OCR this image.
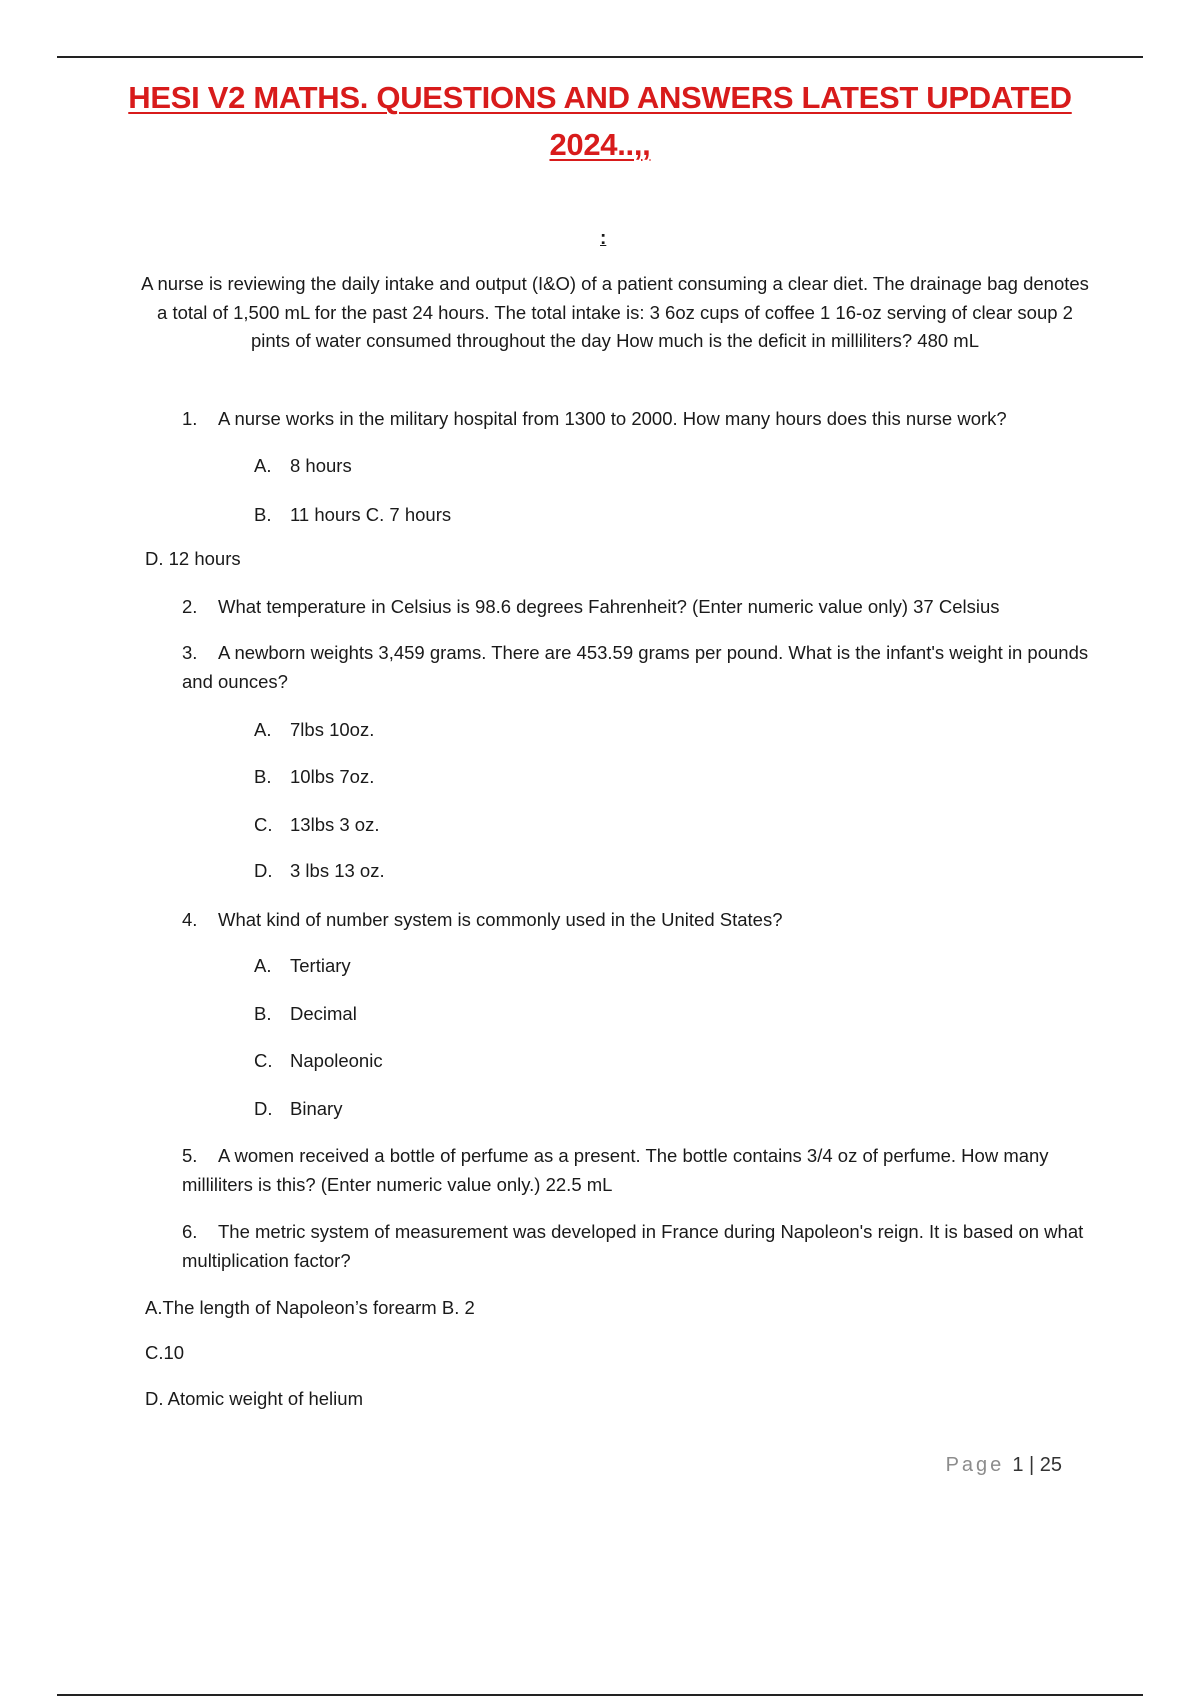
HESI V2 MATHS. QUESTIONS AND ANSWERS LATEST UPDATED
2024..,,
:
A nurse is reviewing the daily intake and output (I&O) of a patient consuming a clear diet. The drainage bag denotes a total of 1,500 mL for the past 24 hours. The total intake is: 3 6oz cups of coffee 1 16-oz serving of clear soup 2 pints of water consumed throughout the day How much is the deficit in milliliters? 480 mL
1. A nurse works in the military hospital from 1300 to 2000. How many hours does this nurse work?
A. 8 hours
B. 11 hours C. 7 hours
D. 12 hours
2. What temperature in Celsius is 98.6 degrees Fahrenheit? (Enter numeric value only) 37 Celsius
3. A newborn weights 3,459 grams. There are 453.59 grams per pound. What is the infant's weight in pounds and ounces?
A. 7lbs 10oz.
B. 10lbs 7oz.
C. 13lbs 3 oz.
D. 3 lbs 13 oz.
4. What kind of number system is commonly used in the United States?
A. Tertiary
B. Decimal
C. Napoleonic
D. Binary
5. A women received a bottle of perfume as a present. The bottle contains 3/4 oz of perfume. How many milliliters is this? (Enter numeric value only.) 22.5 mL
6. The metric system of measurement was developed in France during Napoleon's reign. It is based on what multiplication factor?
A.The length of Napoleon’s forearm B. 2
C.10
D. Atomic weight of helium
Page 1 | 25
